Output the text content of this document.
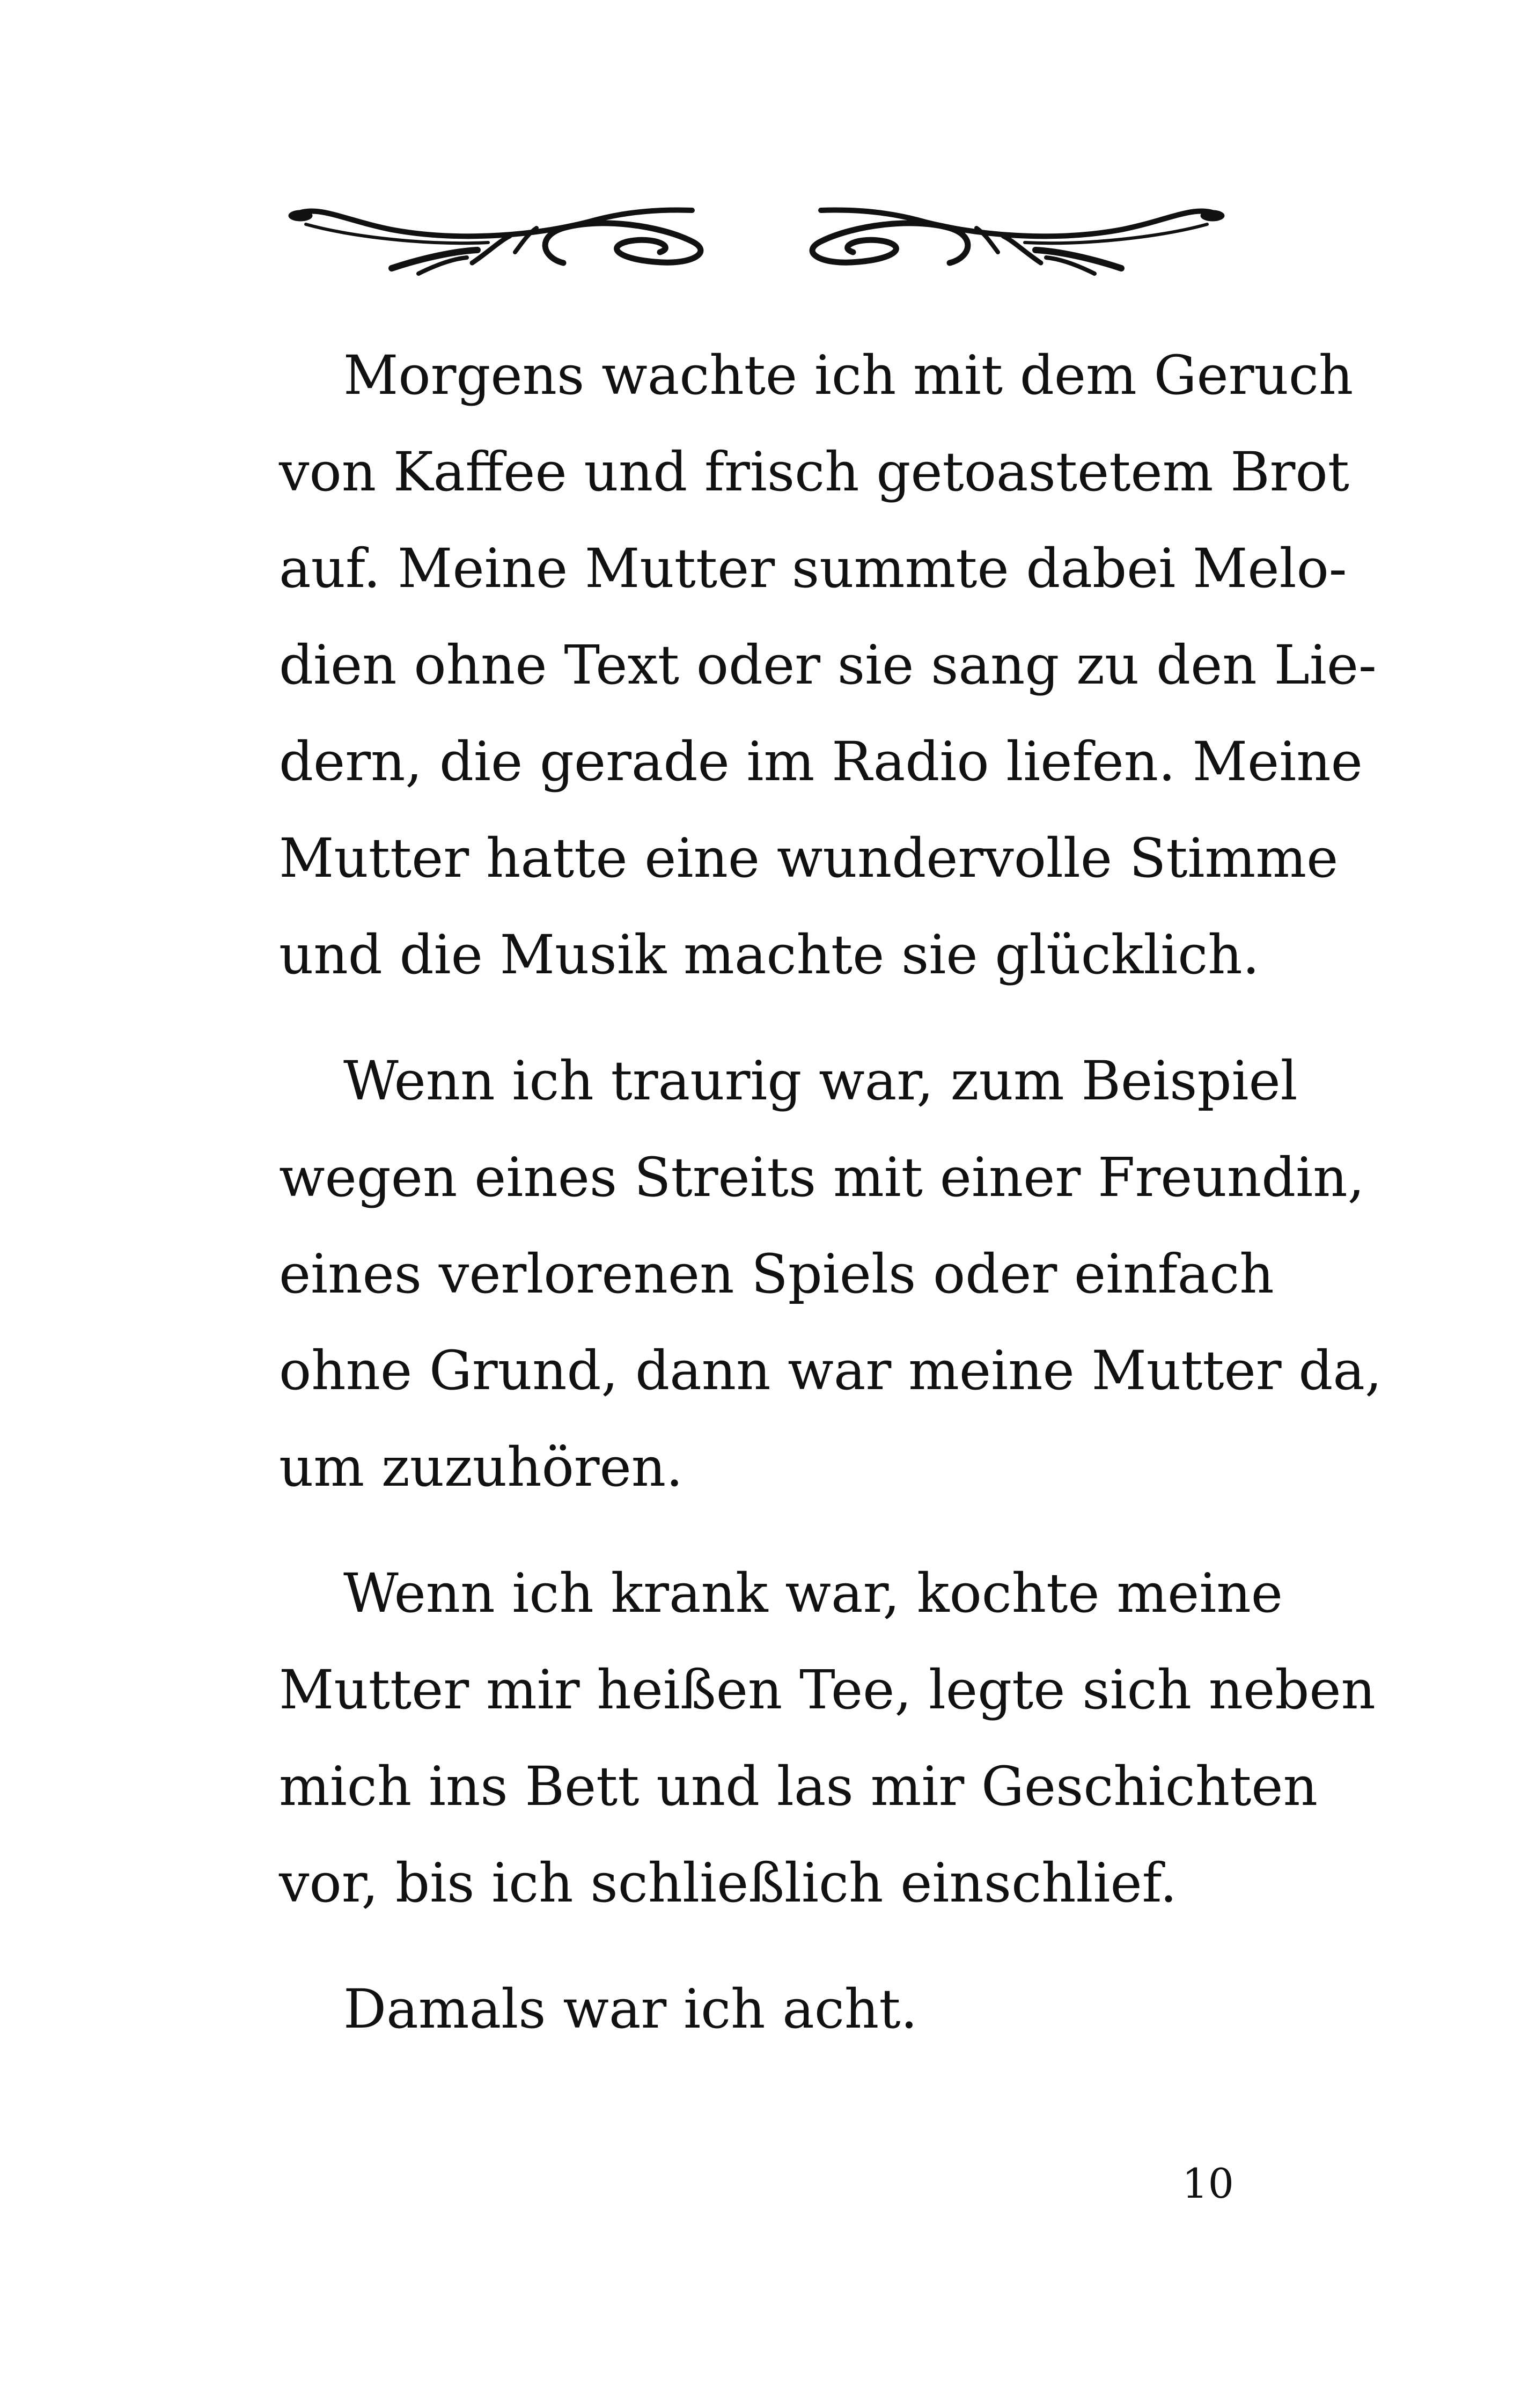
Morgens wachte ich mit dem Geruch
von Kaffee und frisch getoastetem Brot
auf. Meine Mutter summte dabei Melo-
dien ohne Text oder sie sang zu den Lie-
dern, die gerade im Radio liefen. Meine
Mutter hatte eine wundervolle Stimme
und die Musik machte sie glücklich.
Wenn ich traurig war, zum Beispiel
wegen eines Streits mit einer Freundin,
eines verlorenen Spiels oder einfach
ohne Grund, dann war meine Mutter da,
um zuzuhören.
Wenn ich krank war, kochte meine
Mutter mir heißen Tee, legte sich neben
mich ins Bett und las mir Geschichten
vor, bis ich schließlich einschlief.
Damals war ich acht.
10
